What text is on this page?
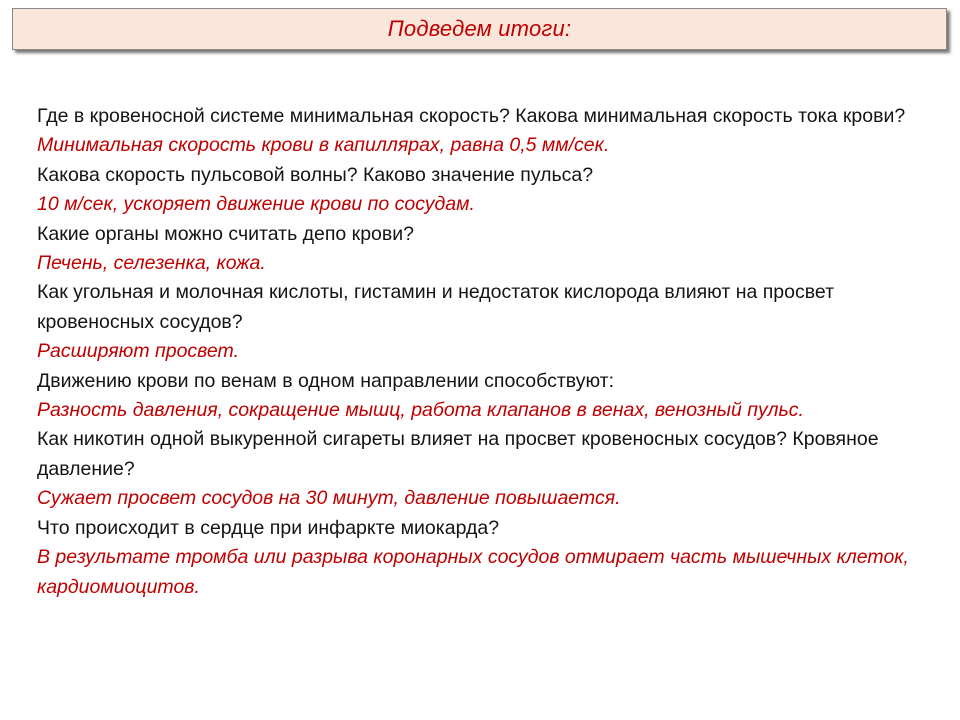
Подведем итоги:

Где в кровеносной системе минимальная скорость? Какова минимальная скорость тока крови?

Минимальная скорость крови в капиллярах, равна 0,5 мм/сек.

Какова скорость пульсовой волны? Каково значение пульса?

10 м/сек, ускоряет движение крови по сосудам.

Какие органы можно считать депо крови?

Печень, селезенка, кожа.

Как угольная и молочная кислоты, гистамин и недостаток кислорода влияют на просвет кровеносных сосудов?

Расширяют просвет.

Движению крови по венам в одном направлении способствуют:

Разность давления, сокращение мышц, работа клапанов в венах, венозный пульс.

Как никотин одной выкуренной сигареты влияет на просвет кровеносных сосудов? Кровяное давление?

Сужает просвет сосудов на 30 минут, давление повышается.

Что происходит в сердце при инфаркте миокарда?

В результате тромба или разрыва коронарных сосудов отмирает часть мышечных клеток, кардиомиоцитов.
